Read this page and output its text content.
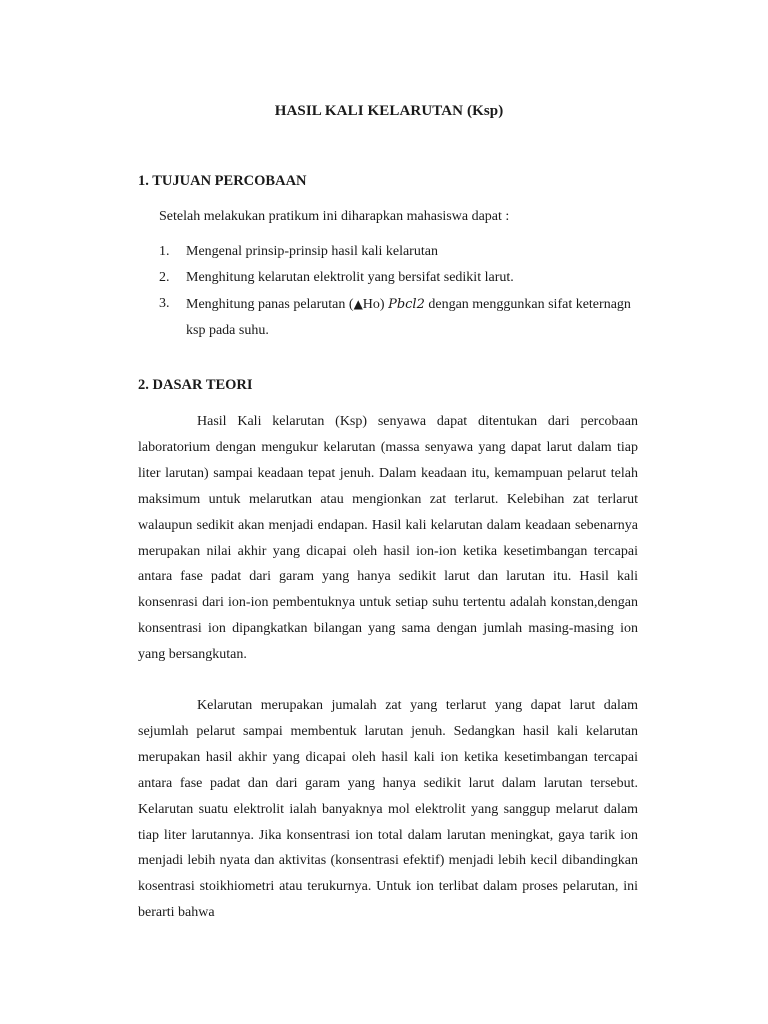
HASIL KALI KELARUTAN (Ksp)
1. TUJUAN PERCOBAAN
Setelah melakukan pratikum ini diharapkan mahasiswa dapat :
1. Mengenal prinsip-prinsip hasil kali kelarutan
2. Menghitung kelarutan elektrolit yang bersifat sedikit larut.
3. Menghitung panas pelarutan (▲Ho) Pbcl2 dengan menggunkan sifat keternagn ksp pada suhu.
2. DASAR TEORI

Hasil Kali kelarutan (Ksp) senyawa dapat ditentukan dari percobaan laboratorium dengan mengukur kelarutan (massa senyawa yang dapat larut dalam tiap liter larutan) sampai keadaan tepat jenuh. Dalam keadaan itu, kemampuan pelarut telah maksimum untuk melarutkan atau mengionkan zat terlarut. Kelebihan zat terlarut walaupun sedikit akan menjadi endapan. Hasil kali kelarutan dalam keadaan sebenarnya merupakan nilai akhir yang dicapai oleh hasil ion-ion ketika kesetimbangan tercapai antara fase padat dari garam yang hanya sedikit larut dan larutan itu. Hasil kali konsenrasi dari ion-ion pembentuknya untuk setiap suhu tertentu adalah konstan,dengan konsentrasi ion dipangkatkan bilangan yang sama dengan jumlah masing-masing ion yang bersangkutan.

Kelarutan merupakan jumalah zat yang terlarut yang dapat larut dalam sejumlah pelarut sampai membentuk larutan jenuh. Sedangkan hasil kali kelarutan merupakan hasil akhir yang dicapai oleh hasil kali ion ketika kesetimbangan tercapai antara fase padat dan dari garam yang hanya sedikit larut dalam larutan tersebut. Kelarutan suatu elektrolit ialah banyaknya mol elektrolit yang sanggup melarut dalam tiap liter larutannya. Jika konsentrasi ion total dalam larutan meningkat, gaya tarik ion menjadi lebih nyata dan aktivitas (konsentrasi efektif) menjadi lebih kecil dibandingkan kosentrasi stoikhiometri atau terukurnya. Untuk ion terlibat dalam proses pelarutan, ini berarti bahwa
